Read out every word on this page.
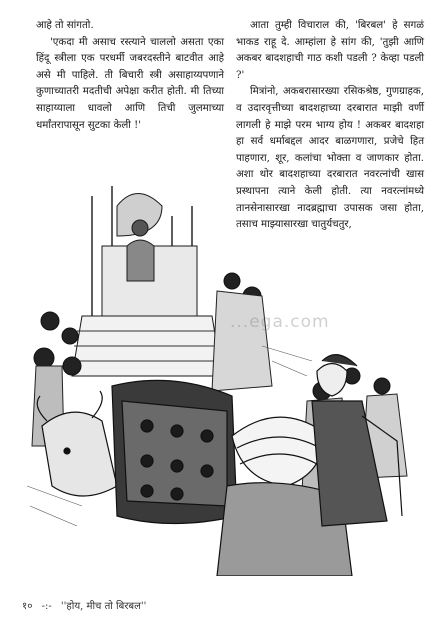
आहे तो सांगतो.

'एकदा मी असाच रस्त्याने चाललो असता एका हिंदू स्त्रीला एक परधर्मी जबरदस्तीने बाटवीत आहे असे मी पाहिले. ती बिचारी स्त्री असाहाय्यपणाने कुणाच्यातरी मदतीची अपेक्षा करीत होती. मी तिच्या साहाय्याला धावलो आणि तिची जुलमाच्या धर्मांतरापासून सुटका केली !'

आता तुम्ही विचाराल की, 'बिरबल' हे सगळं भाकड राहू दे. आम्हांला हे सांग की, 'तुझी आणि अकबर बादशहाची गाठ कशी पडली ? केव्हा पडली ?'

मित्रांनो, अकबरासारख्या रसिकश्रेष्ठ, गुणग्राहक, व उदारवृत्तीच्या बादशहाच्या दरबारात माझी वर्णी लागली हे माझे परम भाग्य होय ! अकबर बादशहा हा सर्व धर्माबद्दल आदर बाळगणारा, प्रजेचे हित पाहणारा, शूर, कलांचा भोक्ता व जाणकार होता. अशा थोर बादशहाच्या दरबारात नवरत्नांची खास प्रस्थापना त्याने केली होती. त्या नवरत्नांमध्ये तानसेनासारखा नादब्रह्माचा उपासक जसा होता, तसाच माझ्यासारखा चातुर्यचतुर,

...ega.com
१० -:- ''होय, मीच तो बिरबल''
